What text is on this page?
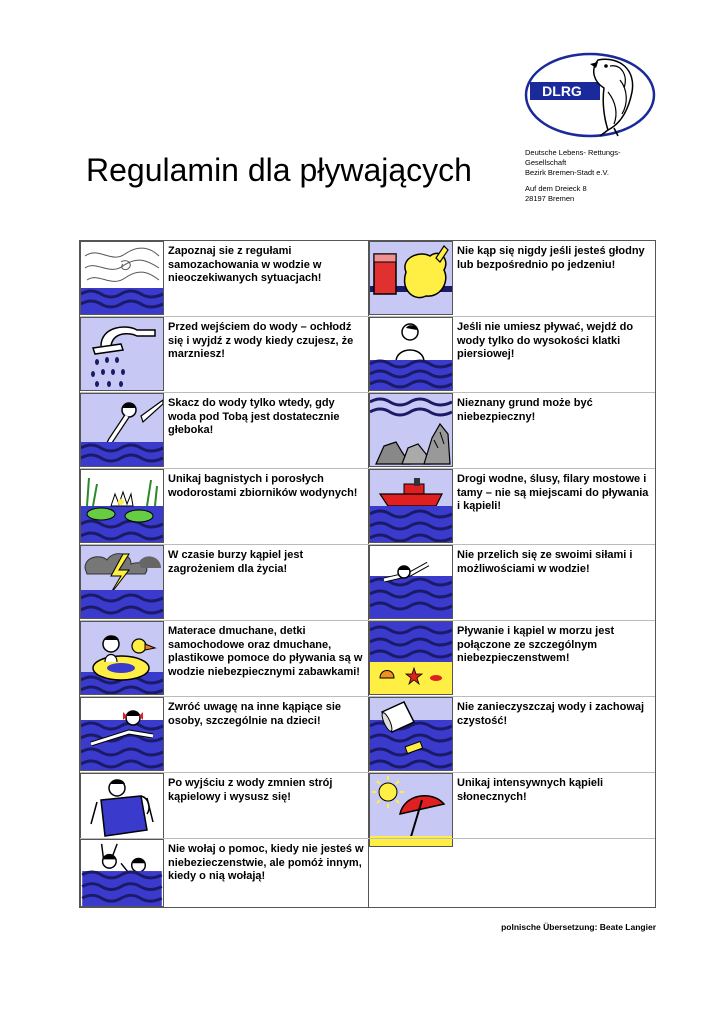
DLRG
Regulamin dla pływających	Deutsche Lebens- Rettungs-
Gesellschaft
Bezirk Bremen-Stadt e.V.
Auf dem Dreieck 8
28197 Bremen
Zapoznaj sie z regułami samozachowania w wodzie w nieoczekiwanych sytuacjach!
Nie kąp się nigdy jeśli jesteś głodny lub bezpośrednio po jedzeniu!
Przed wejściem do wody – ochłodź się i wyjdź z wody kiedy czujesz, że marzniesz!
Jeśli nie umiesz pływać, wejdź do wody tylko do wysokości klatki piersiowej!
Skacz do wody tylko wtedy, gdy woda pod Tobą jest dostatecznie głeboka!
Nieznany grund może być niebezpieczny!
Unikaj bagnistych i porosłych wodorostami zbiorników wodynych!
Drogi wodne, ślusy, filary mostowe i tamy – nie są miejscami do pływania i kąpieli!
W czasie burzy kąpiel jest zagrożeniem dla życia!
Nie przelich się ze swoimi siłami i możliwościami w wodzie!
Materace dmuchane, detki samochodowe oraz dmuchane, plastikowe pomoce do pływania są w wodzie niebezpiecznymi zabawkami!
Pływanie i kąpiel w morzu jest połączone ze szczególnym niebezpieczenstwem!
Zwróć uwagę na inne kąpiące sie osoby, szczególnie na dzieci!
Nie zanieczyszczaj wody i zachowaj czystość!
Po wyjściu z wody zmnien strój kąpielowy i wysusz się!
Unikaj intensywnych kąpieli słonecznych!
Nie wołaj o pomoc, kiedy nie jesteś w niebezieczenstwie, ale pomóż innym, kiedy o nią wołają!
polnische Übersetzung: Beate Langier
